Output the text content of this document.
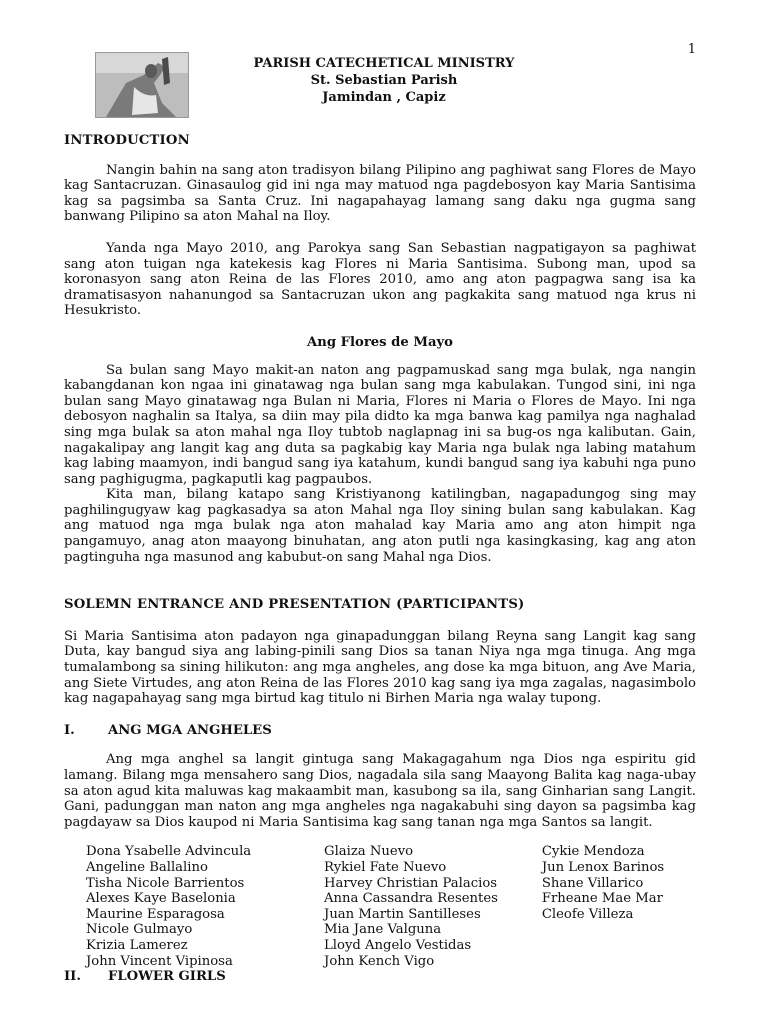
1
PARISH CATECHETICAL MINISTRY
St. Sebastian Parish
Jamindan , Capiz
INTRODUCTION

Nangin bahin na sang aton tradisyon bilang Pilipino ang paghiwat sang Flores de Mayo kag Santacruzan. Ginasaulog gid ini nga may matuod nga pagdebosyon kay Maria Santisima kag sa pagsimba sa Santa Cruz. Ini nagapahayag lamang sang daku nga gugma sang banwang Pilipino sa aton Mahal na Iloy.

Yanda nga Mayo 2010, ang Parokya sang San Sebastian nagpatigayon sa paghiwat sang aton tuigan nga katekesis kag Flores ni Maria Santisima. Subong man, upod sa koronasyon sang aton Reina de las Flores 2010, amo ang aton pagpagwa sang isa ka dramatisasyon nahanungod sa Santacruzan ukon ang pagkakita sang matuod nga krus ni Hesukristo.

Ang Flores de Mayo

Sa bulan sang Mayo makit-an naton ang pagpamuskad sang mga bulak, nga nangin kabangdanan kon ngaa ini ginatawag nga bulan sang mga kabulakan. Tungod sini, ini nga bulan sang Mayo ginatawag nga Bulan ni Maria, Flores ni Maria o Flores de Mayo. Ini nga debosyon naghalin sa Italya, sa diin may pila didto ka mga banwa kag pamilya nga naghalad sing mga bulak sa aton mahal nga Iloy tubtob naglapnag ini sa bug-os nga kalibutan. Gain, nagakalipay ang langit kag ang duta sa pagkabig kay Maria nga bulak nga labing matahum kag labing maamyon, indi bangud sang iya katahum, kundi bangud sang iya kabuhi nga puno sang paghigugma, pagkaputli kag pagpaubos.

Kita man, bilang katapo sang Kristiyanong katilingban, nagapadungog sing may paghilingugyaw kag pagkasadya sa aton Mahal nga Iloy sining bulan sang kabulakan. Kag ang matuod nga mga bulak nga aton mahalad kay Maria amo ang aton himpit nga pangamuyo, anag aton maayong binuhatan, ang aton putli nga kasingkasing, kag ang aton pagtinguha nga masunod ang kabubut-on sang Mahal nga Dios.

SOLEMN ENTRANCE AND PRESENTATION (PARTICIPANTS)

Si Maria Santisima aton padayon nga ginapadunggan bilang Reyna sang Langit kag sang Duta, kay bangud siya ang labing-pinili sang Dios sa tanan Niya nga mga tinuga. Ang mga tumalambong sa sining hilikuton: ang mga angheles, ang dose ka mga bituon, ang Ave Maria, ang Siete Virtudes, ang aton Reina de las Flores 2010 kag sang iya mga zagalas, nagasimbolo kag nagapahayag sang mga birtud kag titulo ni Birhen Maria nga walay tupong.

I.	ANG MGA ANGHELES

Ang mga anghel sa langit gintuga sang Makagagahum nga Dios nga espiritu gid lamang. Bilang mga mensahero sang Dios, nagadala sila sang Maayong Balita kag naga-ubay sa aton agud kita maluwas kag makaambit man, kasubong sa ila, sang Ginharian sang Langit. Gani, padunggan man naton ang mga angheles nga nagakabuhi sing dayon sa pagsimba kag pagdayaw sa Dios kaupod ni Maria Santisima kag sang tanan nga mga Santos sa langit.

Dona Ysabelle Advincula
Angeline Ballalino
Tisha Nicole Barrientos
Alexes Kaye Baselonia
Maurine Esparagosa
Nicole Gulmayo
Krizia Lamerez
John Vincent Vipinosa
Glaiza Nuevo
Rykiel Fate Nuevo
Harvey Christian Palacios
Anna Cassandra Resentes
Juan Martin Santilleses
Mia Jane Valguna
Lloyd Angelo Vestidas
John Kench Vigo
Cykie Mendoza
Jun Lenox Barinos
Shane Villarico
Frheane Mae Mar
Cleofe Villeza
II.	FLOWER GIRLS
